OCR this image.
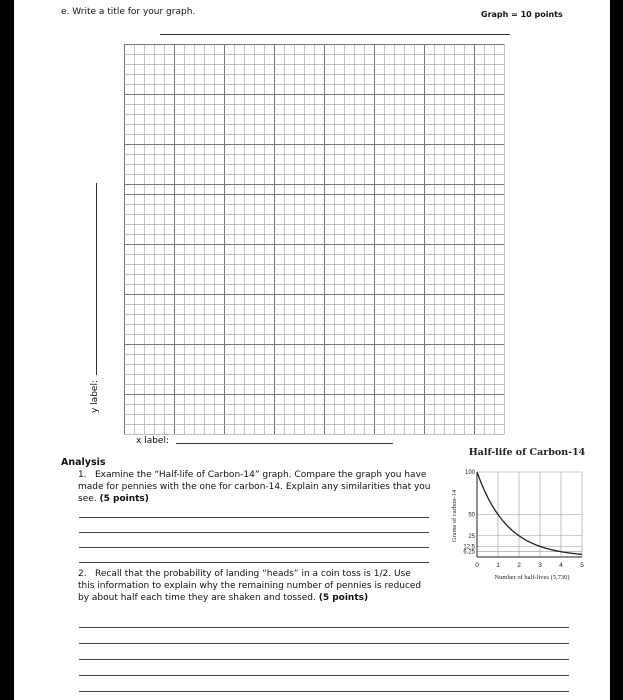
e. Write a title for your graph.	Graph = 10 points
y label:
x label:
Analysis
1. Examine the “Half-life of Carbon-14” graph. Compare the graph you have made for pennies with the one for carbon-14. Explain any similarities that you see. (5 points)
2. Recall that the probability of landing “heads” in a coin toss is 1/2. Use this information to explain why the remaining number of pennies is reduced by about half each time they are shaken and tossed. (5 points)
Half-life of Carbon-14
Grams of carbon-14
Number of half-lives (5,730)
0	1	2	3	4	5
100
50
25
12.5
6.25
